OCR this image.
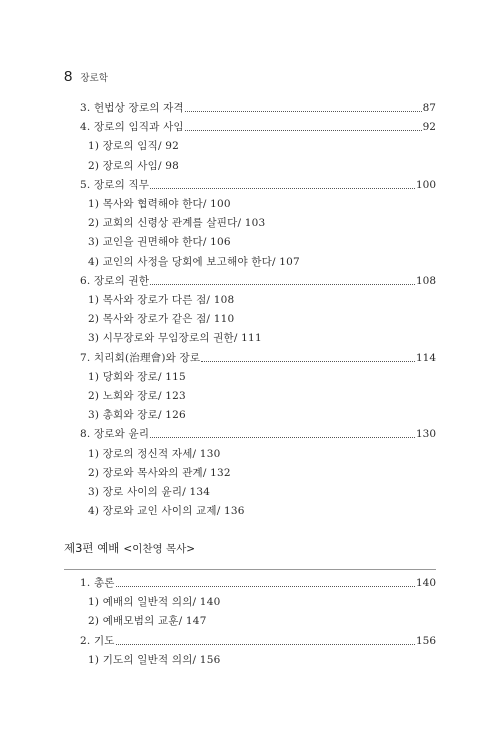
8 장로학
3. 헌법상 장로의 자격	87
4. 장로의 임직과 사임	92
1) 장로의 임직/ 92
2) 장로의 사임/ 98
5. 장로의 직무	100
1) 목사와 협력해야 한다/ 100
2) 교회의 신령상 관계를 살핀다/ 103
3) 교인을 권면해야 한다/ 106
4) 교인의 사정을 당회에 보고해야 한다/ 107
6. 장로의 권한	108
1) 목사와 장로가 다른 점/ 108
2) 목사와 장로가 같은 점/ 110
3) 시무장로와 무임장로의 권한/ 111
7. 치리회(治理會)와 장로	114
1) 당회와 장로/ 115
2) 노회와 장로/ 123
3) 총회와 장로/ 126
8. 장로와 윤리	130
1) 장로의 정신적 자세/ 130
2) 장로와 목사와의 관계/ 132
3) 장로 사이의 윤리/ 134
4) 장로와 교인 사이의 교제/ 136
제3편 예배 <이찬영 목사>
1. 총론	140
1) 예배의 일반적 의의/ 140
2) 예배모범의 교훈/ 147
2. 기도	156
1) 기도의 일반적 의의/ 156
